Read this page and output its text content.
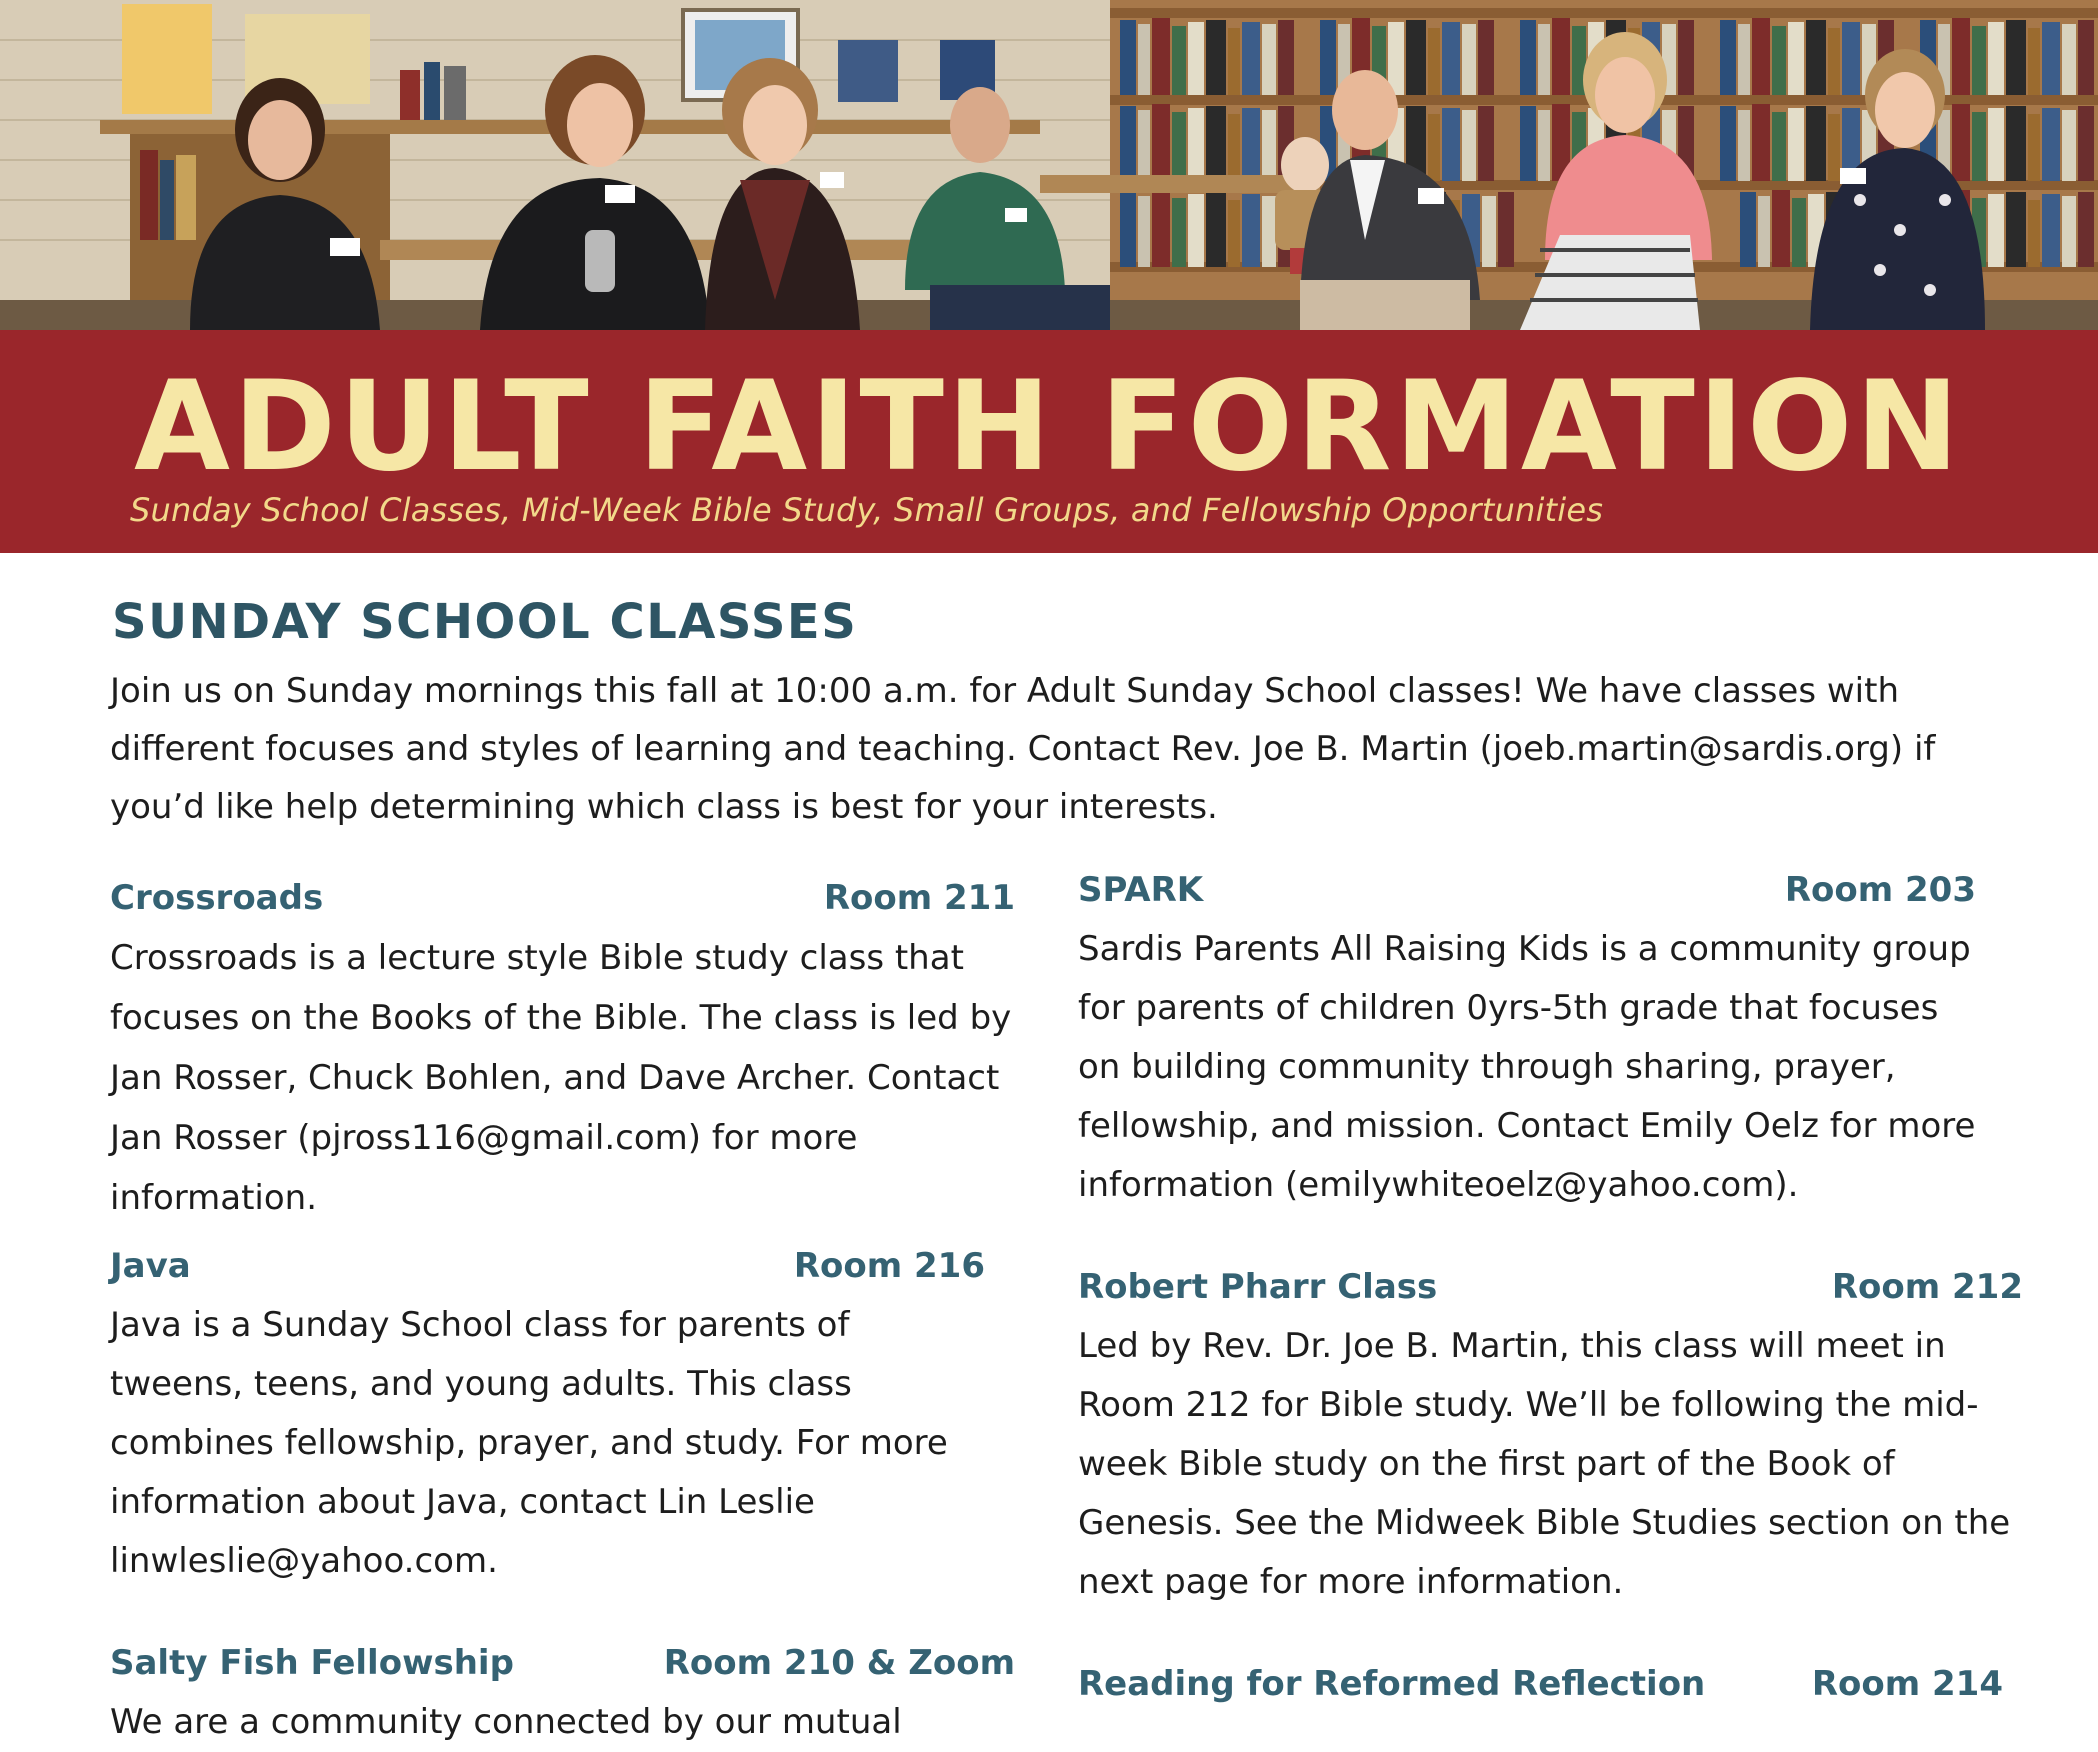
ADULT FAITH FORMATION

Sunday School Classes, Mid-Week Bible Study, Small Groups, and Fellowship Opportunities

SUNDAY SCHOOL CLASSES

Join us on Sunday mornings this fall at 10:00 a.m. for Adult Sunday School classes! We have classes with different focuses and styles of learning and teaching. Contact Rev. Joe B. Martin (joeb.martin@sardis.org) if you’d like help determining which class is best for your interests.

Crossroads	Room 211

Crossroads is a lecture style Bible study class that focuses on the Books of the Bible. The class is led by Jan Rosser, Chuck Bohlen, and Dave Archer. Contact Jan Rosser (pjross116@gmail.com) for more information.

Java	Room 216

Java is a Sunday School class for parents of tweens, teens, and young adults. This class combines fellowship, prayer, and study. For more information about Java, contact Lin Leslie linwleslie@yahoo.com.

Salty Fish Fellowship	Room 210 & Zoom

We are a community connected by our mutual

SPARK	Room 203

Sardis Parents All Raising Kids is a community group for parents of children 0yrs-5th grade that focuses on building community through sharing, prayer, fellowship, and mission. Contact Emily Oelz for more information (emilywhiteoelz@yahoo.com).

Robert Pharr Class	Room 212

Led by Rev. Dr. Joe B. Martin, this class will meet in Room 212 for Bible study. We’ll be following the mid-week Bible study on the first part of the Book of Genesis. See the Midweek Bible Studies section on the next page for more information.

Reading for Reformed Reflection	Room 214
